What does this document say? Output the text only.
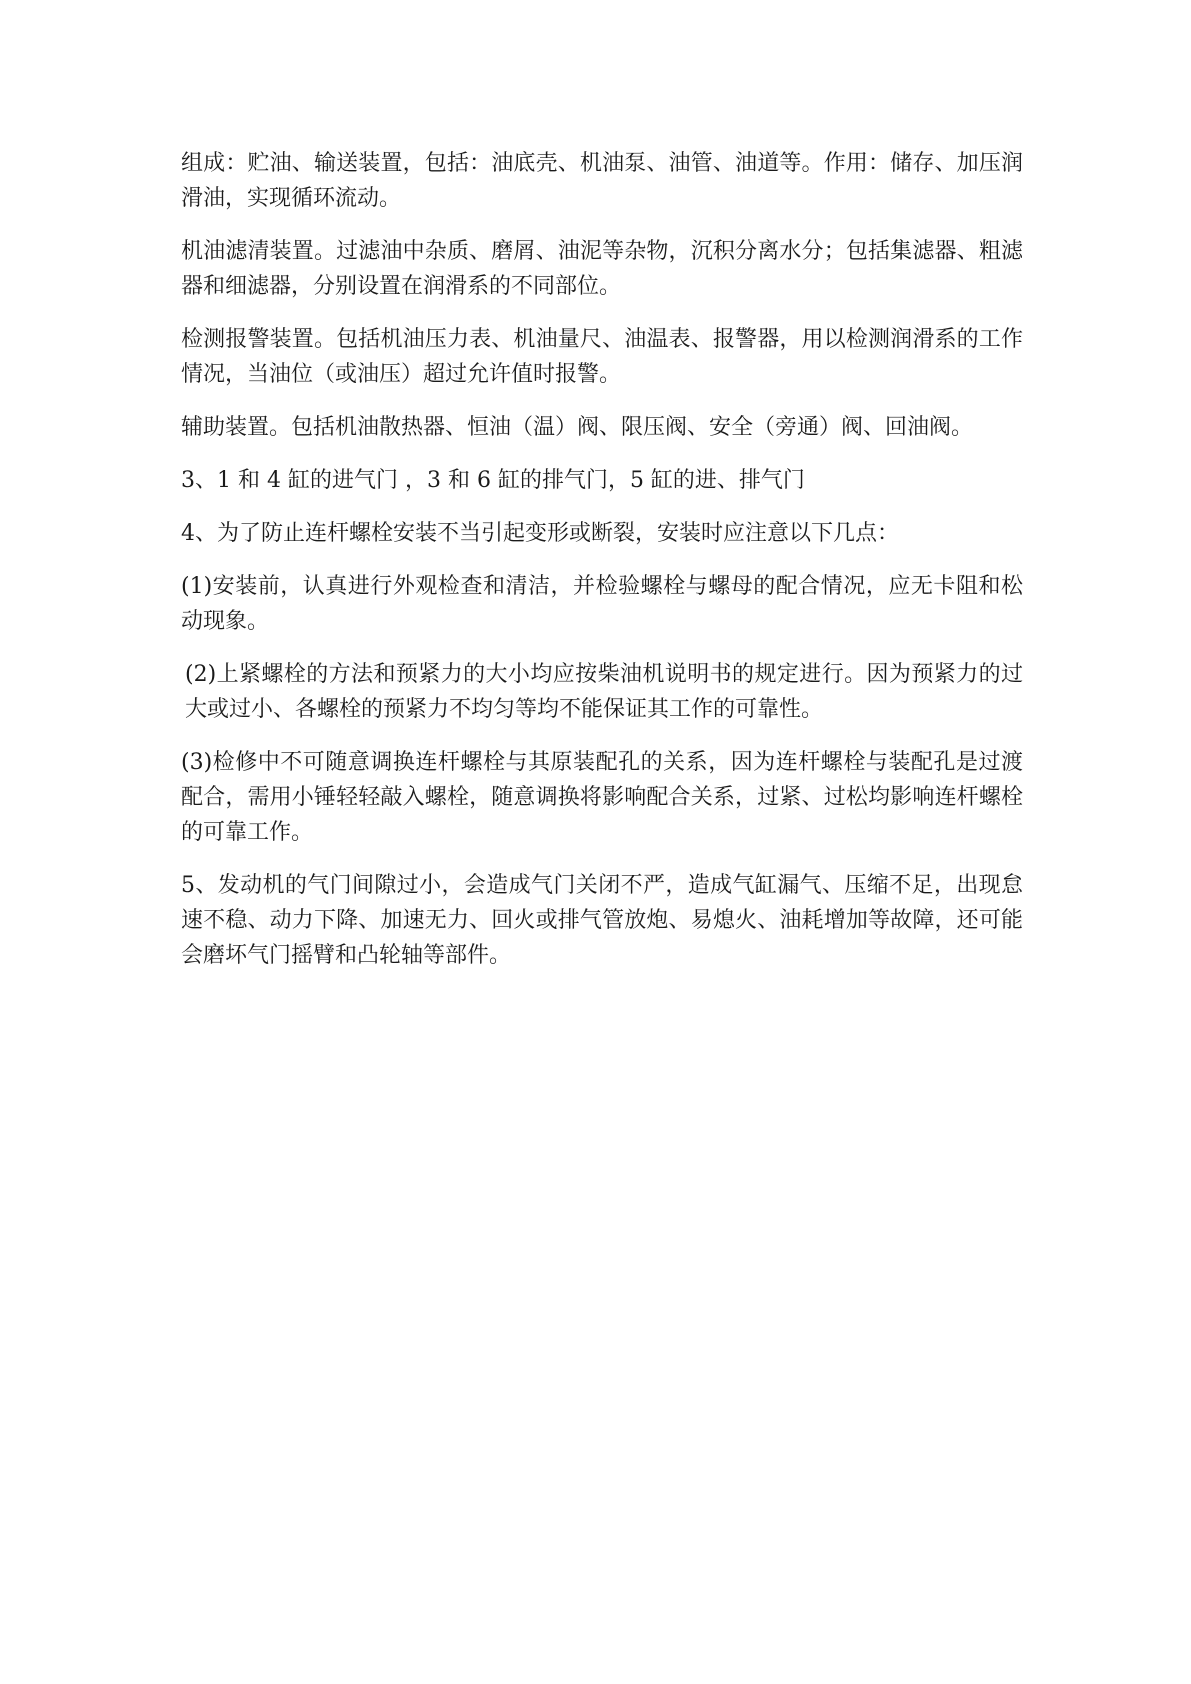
组成：贮油、输送装置，包括：油底壳、机油泵、油管、油道等。作用：储存、加压润滑油，实现循环流动。

机油滤清装置。过滤油中杂质、磨屑、油泥等杂物，沉积分离水分；包括集滤器、粗滤器和细滤器，分别设置在润滑系的不同部位。

检测报警装置。包括机油压力表、机油量尺、油温表、报警器，用以检测润滑系的工作情况，当油位（或油压）超过允许值时报警。

辅助装置。包括机油散热器、恒油（温）阀、限压阀、安全（旁通）阀、回油阀。

3、1 和 4 缸的进气门 ，3 和 6 缸的排气门，5 缸的进、排气门

4、为了防止连杆螺栓安装不当引起变形或断裂，安装时应注意以下几点：

(1)安装前，认真进行外观检查和清洁，并检验螺栓与螺母的配合情况，应无卡阻和松动现象。

(2)上紧螺栓的方法和预紧力的大小均应按柴油机说明书的规定进行。因为预紧力的过大或过小、各螺栓的预紧力不均匀等均不能保证其工作的可靠性。

(3)检修中不可随意调换连杆螺栓与其原装配孔的关系，因为连杆螺栓与装配孔是过渡配合，需用小锤轻轻敲入螺栓，随意调换将影响配合关系，过紧、过松均影响连杆螺栓的可靠工作。

5、发动机的气门间隙过小，会造成气门关闭不严，造成气缸漏气、压缩不足，出现怠速不稳、动力下降、加速无力、回火或排气管放炮、易熄火、油耗增加等故障，还可能会磨坏气门摇臂和凸轮轴等部件。
